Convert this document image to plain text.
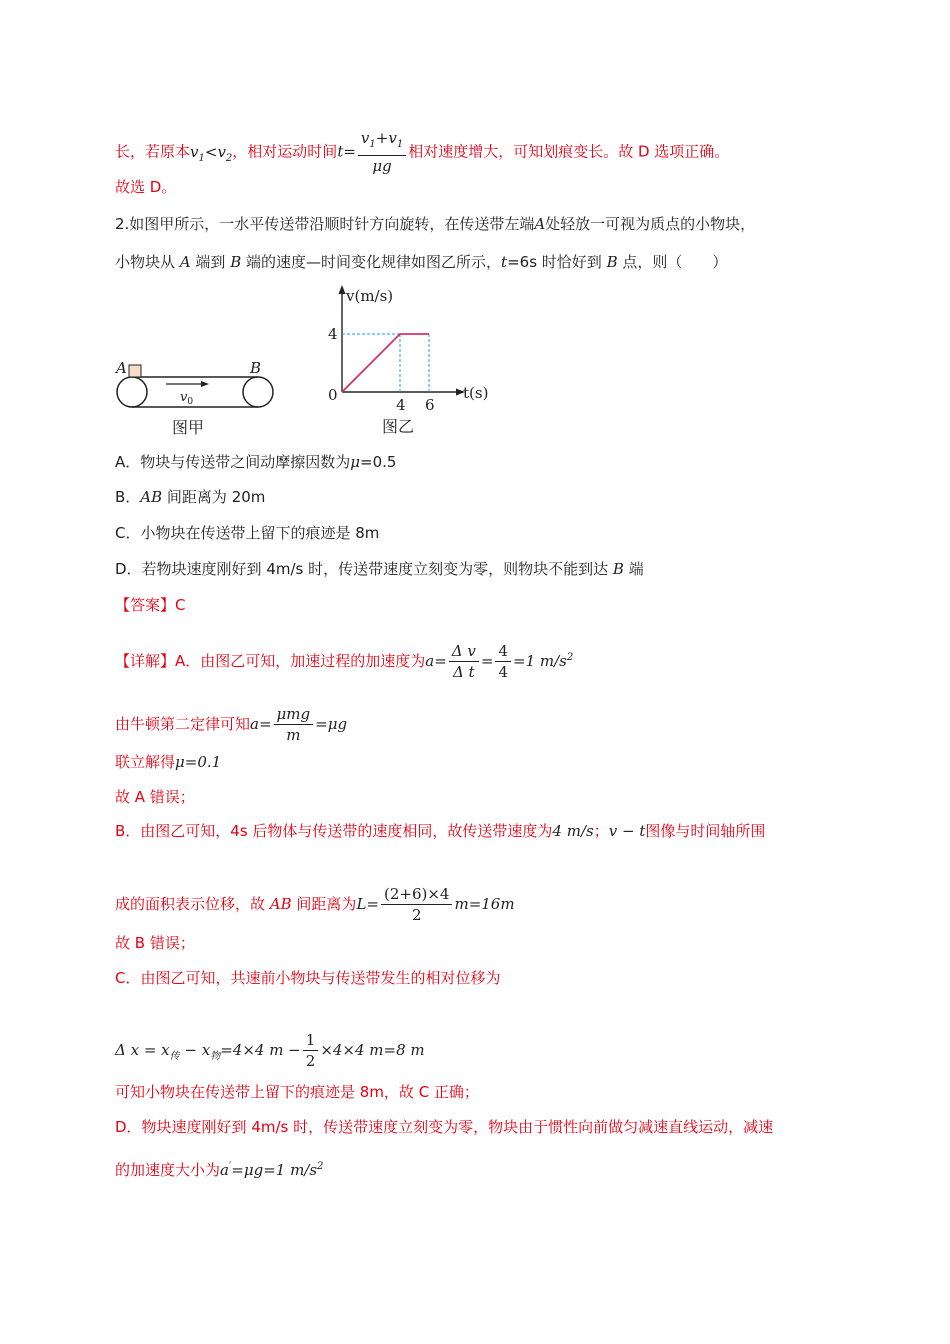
长，若原本$v_1<v_2$，相对运动时间$t= \frac{v_1+v_1}{\mu g}$ 相对速度增大，可知划痕变长。故 D 选项正确。
故选 D。
2.如图甲所示，一水平传送带沿顺时针方向旋转，在传送带左端A处轻放一可视为质点的小物块，
小物块从 A 端到 B 端的速度—时间变化规律如图乙所示，t=6s 时恰好到 B 点，则（　　）
A	B
$v_0$
图甲
v(m/s)
t(s)
0
4 6
4
图乙
A．物块与传送带之间动摩擦因数为μ=0.5
B．AB 间距离为 20m
C．小物块在传送带上留下的痕迹是 8m
D．若物块速度刚好到 4m/s 时，传送带速度立刻变为零，则物块不能到达 B 端
【答案】C
【详解】A．由图乙可知，加速过程的加速度为$a= \frac{\text{Δ v}}{\text{Δ t}} = \frac{4}{4} =1$ $m/s^2$
由牛顿第二定律可知$a= \frac{\text{μmg}}{m} =\mu g$
联立解得μ=0.1
故 A 错误；
B．由图乙可知，4s 后物体与传送带的速度相同，故传送带速度为4 m/s；v − t图像与时间轴所围
成的面积表示位移，故 AB 间距离为$L= \frac{(2+6)\times 4}{2} m=16m$
故 B 错误；
C．由图乙可知，共速前小物块与传送带发生的相对位移为
Δ $x = x_传 - x_物=4\times 4$ $m - \frac{1}{2} \times 4\times 4$ m=8 m
可知小物块在传送带上留下的痕迹是 8m，故 C 正确；
D．物块速度刚好到 4m/s 时，传送带速度立刻变为零，物块由于惯性向前做匀减速直线运动，减速
的加速度大小为a′=μg=1 $m/s^2$
